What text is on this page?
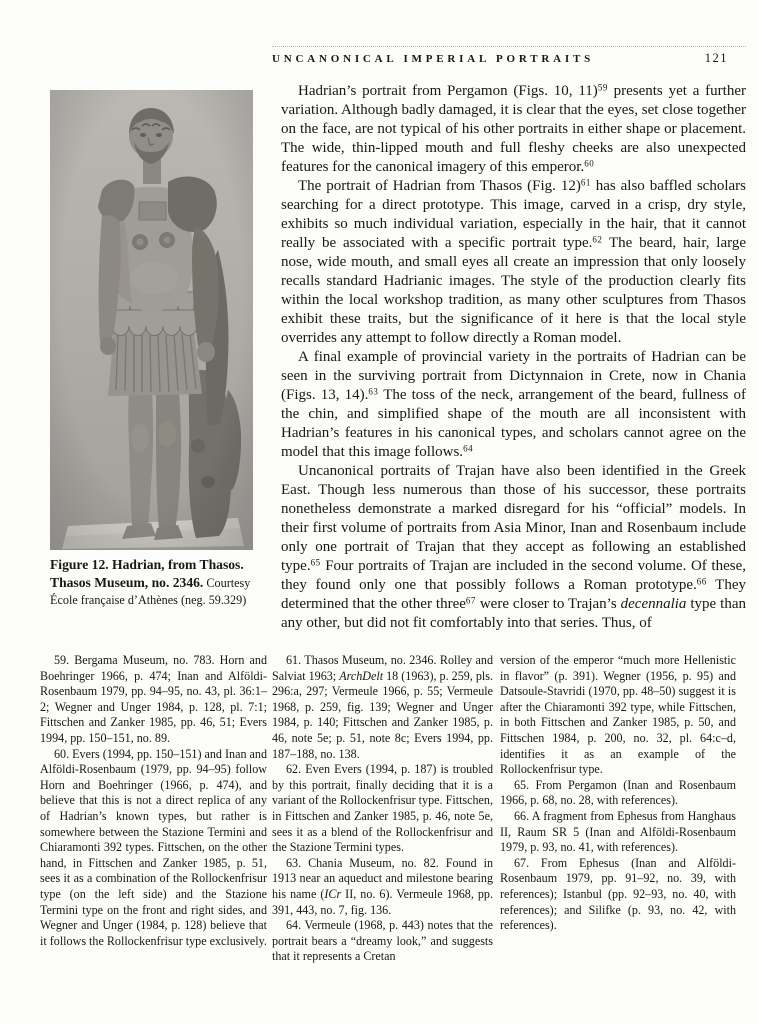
UNCANONICAL IMPERIAL PORTRAITS	121
Figure 12. Hadrian, from Thasos. Thasos Museum, no. 2346. Courtesy École française d’Athènes (neg. 59.329)

Hadrian’s portrait from Pergamon (Figs. 10, 11)$^{59}$ presents yet a further variation. Although badly damaged, it is clear that the eyes, set close together on the face, are not typical of his other portraits in either shape or placement. The wide, thin-lipped mouth and full fleshy cheeks are also unexpected features for the canonical imagery of this emperor.$^{60}$

The portrait of Hadrian from Thasos (Fig. 12)$^{61}$ has also baffled scholars searching for a direct prototype. This image, carved in a crisp, dry style, exhibits so much individual variation, especially in the hair, that it cannot really be associated with a specific portrait type.$^{62}$ The beard, hair, large nose, wide mouth, and small eyes all create an impression that only loosely recalls standard Hadrianic images. The style of the production clearly fits within the local workshop tradition, as many other sculptures from Thasos exhibit these traits, but the significance of it here is that the local style overrides any attempt to follow directly a Roman model.

A final example of provincial variety in the portraits of Hadrian can be seen in the surviving portrait from Dictynnaion in Crete, now in Chania (Figs. 13, 14).$^{63}$ The toss of the neck, arrangement of the beard, fullness of the chin, and simplified shape of the mouth are all inconsistent with Hadrian’s features in his canonical types, and scholars cannot agree on the model that this image follows.$^{64}$

Uncanonical portraits of Trajan have also been identified in the Greek East. Though less numerous than those of his successor, these portraits nonetheless demonstrate a marked disregard for his “official” models. In their first volume of portraits from Asia Minor, Inan and Rosenbaum include only one portrait of Trajan that they accept as following an established type.$^{65}$ Four portraits of Trajan are included in the second volume. Of these, they found only one that possibly follows a Roman prototype.$^{66}$ They determined that the other three$^{67}$ were closer to Trajan’s decennalia type than any other, but did not fit comfortably into that series. Thus, of

59. Bergama Museum, no. 783. Horn and Boehringer 1966, p. 474; Inan and Alföldi-Rosenbaum 1979, pp. 94–95, no. 43, pl. 36:1–2; Wegner and Unger 1984, p. 128, pl. 7:1; Fittschen and Zanker 1985, pp. 46, 51; Evers 1994, pp. 150–151, no. 89.

60. Evers (1994, pp. 150–151) and Inan and Alföldi-Rosenbaum (1979, pp. 94–95) follow Horn and Boehringer (1966, p. 474), and believe that this is not a direct replica of any of Hadrian’s known types, but rather is somewhere between the Stazione Termini and Chiaramonti 392 types. Fittschen, on the other hand, in Fittschen and Zanker 1985, p. 51, sees it as a combination of the Rollockenfrisur type (on the left side) and the Stazione Termini type on the front and right sides, and Wegner and Unger (1984, p. 128) believe that it follows the Rollockenfrisur type exclusively.

61. Thasos Museum, no. 2346. Rolley and Salviat 1963; ArchDelt 18 (1963), p. 259, pls. 296:a, 297; Vermeule 1966, p. 55; Vermeule 1968, p. 259, fig. 139; Wegner and Unger 1984, p. 140; Fittschen and Zanker 1985, p. 46, note 5e; p. 51, note 8c; Evers 1994, pp. 187–188, no. 138.

62. Even Evers (1994, p. 187) is troubled by this portrait, finally deciding that it is a variant of the Rollockenfrisur type. Fittschen, in Fittschen and Zanker 1985, p. 46, note 5e, sees it as a blend of the Rollockenfrisur and the Stazione Termini types.

63. Chania Museum, no. 82. Found in 1913 near an aqueduct and milestone bearing his name (ICr II, no. 6). Vermeule 1968, pp. 391, 443, no. 7, fig. 136.

64. Vermeule (1968, p. 443) notes that the portrait bears a “dreamy look,” and suggests that it represents a Cretan

version of the emperor “much more Hellenistic in flavor” (p. 391). Wegner (1956, p. 95) and Datsoule-Stavridi (1970, pp. 48–50) suggest it is after the Chiaramonti 392 type, while Fittschen, in both Fittschen and Zanker 1985, p. 50, and Fittschen 1984, p. 200, no. 32, pl. 64:c–d, identifies it as an example of the Rollockenfrisur type.

65. From Pergamon (Inan and Rosenbaum 1966, p. 68, no. 28, with references).

66. A fragment from Ephesus from Hanghaus II, Raum SR 5 (Inan and Alföldi-Rosenbaum 1979, p. 93, no. 41, with references).

67. From Ephesus (Inan and Alföldi-Rosenbaum 1979, pp. 91–92, no. 39, with references); Istanbul (pp. 92–93, no. 40, with references); and Silifke (p. 93, no. 42, with references).
